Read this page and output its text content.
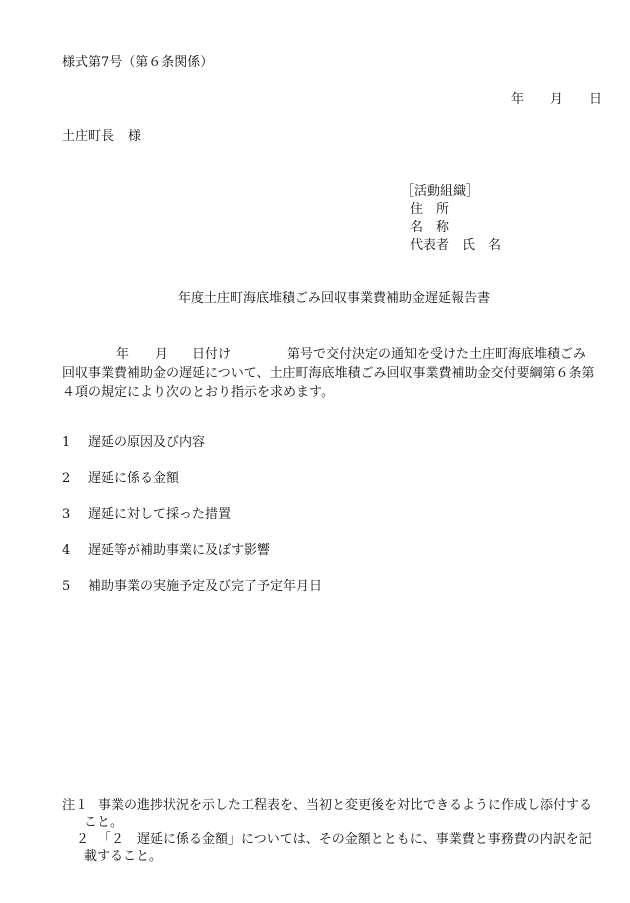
様式第7号（第６条関係）
年 月 日
土庄町長 様
［活動組織］
住　所
名　称
代表者 氏　名
年度土庄町海底堆積ごみ回収事業費補助金遅延報告書
年 月 日付け	第号で交付決定の通知を受けた土庄町海底堆積ごみ
回収事業費補助金の遅延について、土庄町海底堆積ごみ回収事業費補助金交付要綱第６条第
４項の規定により次のとおり指示を求めます。
1	遅延の原因及び内容
2	遅延に係る金額
3	遅延に対して採った措置
4	遅延等が補助事業に及ぼす影響
5	補助事業の実施予定及び完了予定年月日
注１ 事業の進捗状況を示した工程表を、当初と変更後を対比できるように作成し添付する
こと。
２ 「２　遅延に係る金額」については、その金額とともに、事業費と事務費の内訳を記
載すること。
